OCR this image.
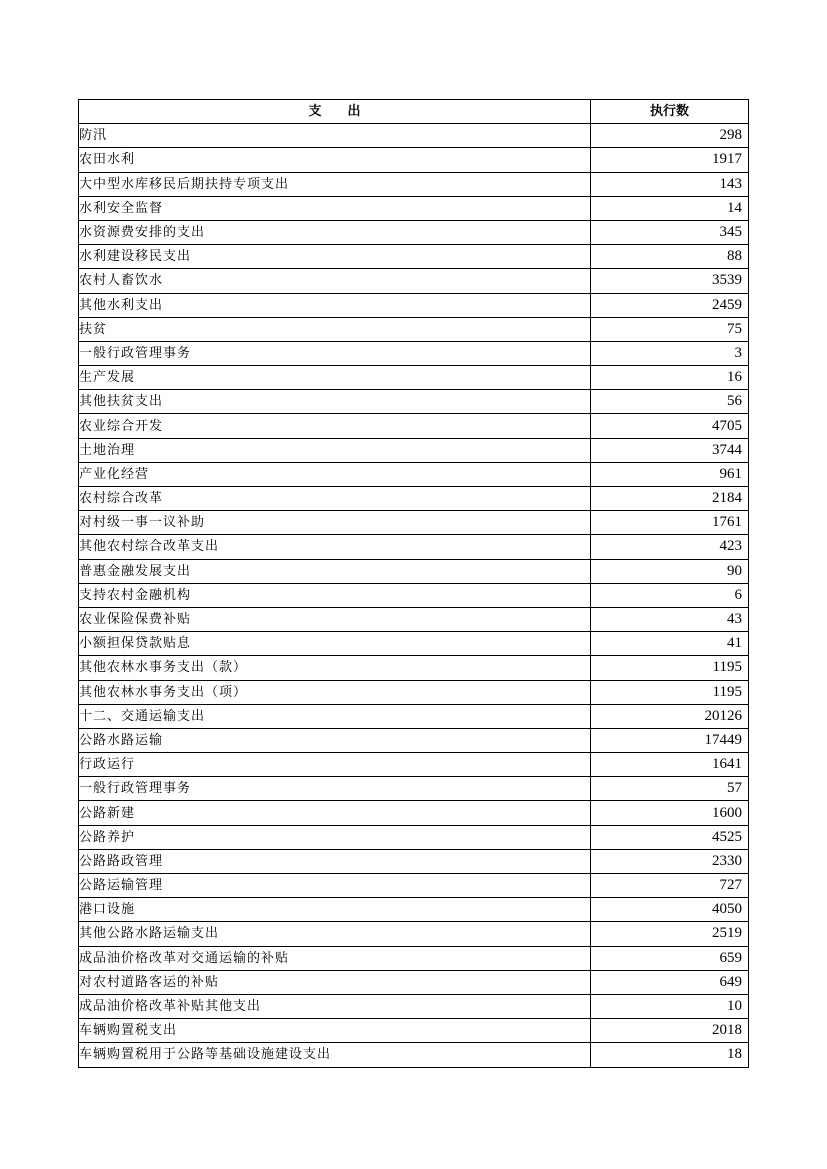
支　　出	执行数
防汛	298
农田水利	1917
大中型水库移民后期扶持专项支出	143
水利安全监督	14
水资源费安排的支出	345
水利建设移民支出	88
农村人畜饮水	3539
其他水利支出	2459
扶贫	75
一般行政管理事务	3
生产发展	16
其他扶贫支出	56
农业综合开发	4705
土地治理	3744
产业化经营	961
农村综合改革	2184
对村级一事一议补助	1761
其他农村综合改革支出	423
普惠金融发展支出	90
支持农村金融机构	6
农业保险保费补贴	43
小额担保贷款贴息	41
其他农林水事务支出（款）	1195
其他农林水事务支出（项）	1195
十二、交通运输支出	20126
公路水路运输	17449
行政运行	1641
一般行政管理事务	57
公路新建	1600
公路养护	4525
公路路政管理	2330
公路运输管理	727
港口设施	4050
其他公路水路运输支出	2519
成品油价格改革对交通运输的补贴	659
对农村道路客运的补贴	649
成品油价格改革补贴其他支出	10
车辆购置税支出	2018
车辆购置税用于公路等基础设施建设支出	18
